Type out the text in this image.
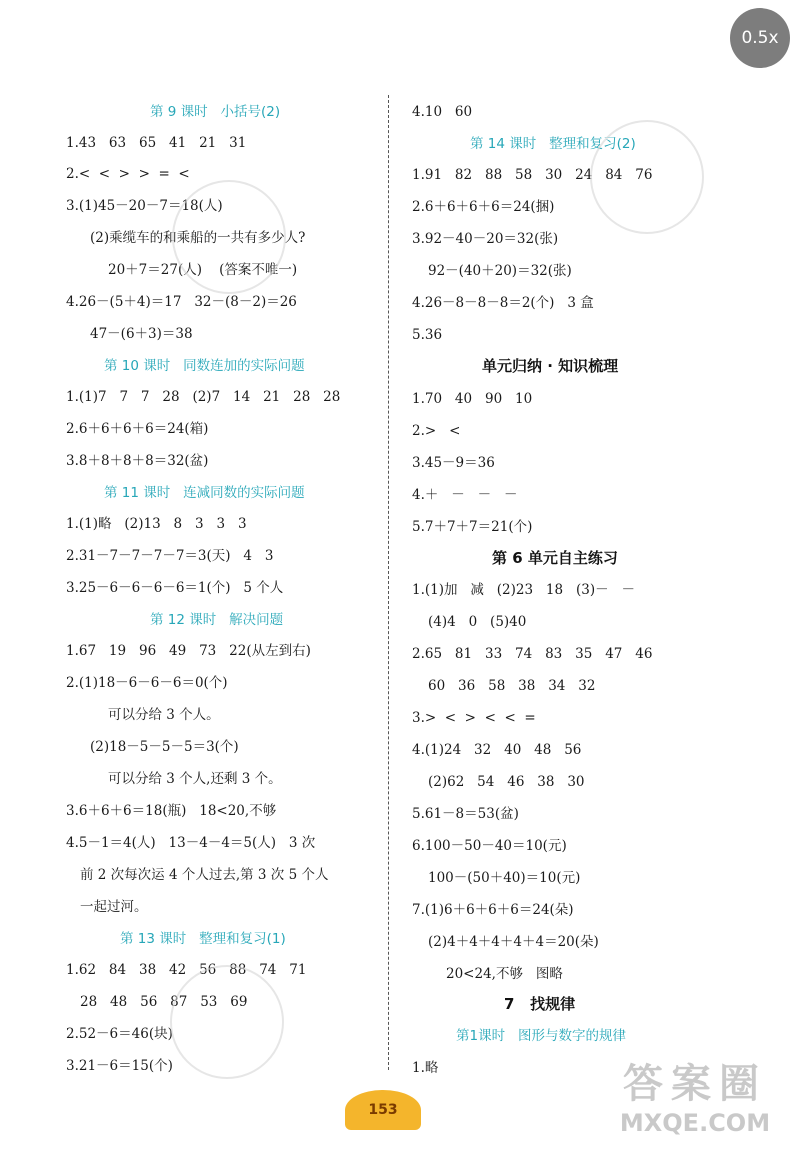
第 9 课时   小括号(2)
1.43   63   65   41   21   31
2.<  <  >  >  =  <
3.(1)45－20－7＝18(人)
(2)乘缆车的和乘船的一共有多少人?
20＋7＝27(人)    (答案不唯一)
4.26－(5＋4)＝17   32－(8－2)＝26
47－(6＋3)＝38
第 10 课时   同数连加的实际问题
1.(1)7   7   7   28   (2)7   14   21   28   28
2.6＋6＋6＋6＝24(箱)
3.8＋8＋8＋8＝32(盆)
第 11 课时   连减同数的实际问题
1.(1)略   (2)13   8   3   3   3
2.31－7－7－7－7＝3(天)   4   3
3.25－6－6－6－6＝1(个)   5 个人
第 12 课时   解决问题
1.67   19   96   49   73   22(从左到右)
2.(1)18－6－6－6＝0(个)
可以分给 3 个人。
(2)18－5－5－5＝3(个)
可以分给 3 个人,还剩 3 个。
3.6＋6＋6＝18(瓶)   18<20,不够
4.5－1＝4(人)   13－4－4＝5(人)   3 次
前 2 次每次运 4 个人过去,第 3 次 5 个人
一起过河。
第 13 课时   整理和复习(1)
1.62   84   38   42   56   88   74   71
28   48   56   87   53   69
2.52－6＝46(块)
3.21－6＝15(个)
4.10   60
第 14 课时   整理和复习(2)
1.91   82   88   58   30   24   84   76
2.6＋6＋6＋6＝24(捆)
3.92－40－20＝32(张)
92－(40＋20)＝32(张)
4.26－8－8－8＝2(个)   3 盒
5.36
单元归纳 · 知识梳理
1.70   40   90   10
2.>   <
3.45－9＝36
4.＋   －   －   －
5.7＋7＋7＝21(个)
第 6 单元自主练习
1.(1)加   减   (2)23   18   (3)－   －
(4)4   0   (5)40
2.65   81   33   74   83   35   47   46
60   36   58   38   34   32
3.>  <  >  <  <  =
4.(1)24   32   40   48   56
(2)62   54   46   38   30
5.61－8＝53(盆)
6.100－50－40＝10(元)
100－(50＋40)＝10(元)
7.(1)6＋6＋6＋6＝24(朵)
(2)4＋4＋4＋4＋4＝20(朵)
20<24,不够   图略
7   找规律
第1课时   图形与数字的规律
1.略
0.5x
153
答案圈
MXQE.COM
